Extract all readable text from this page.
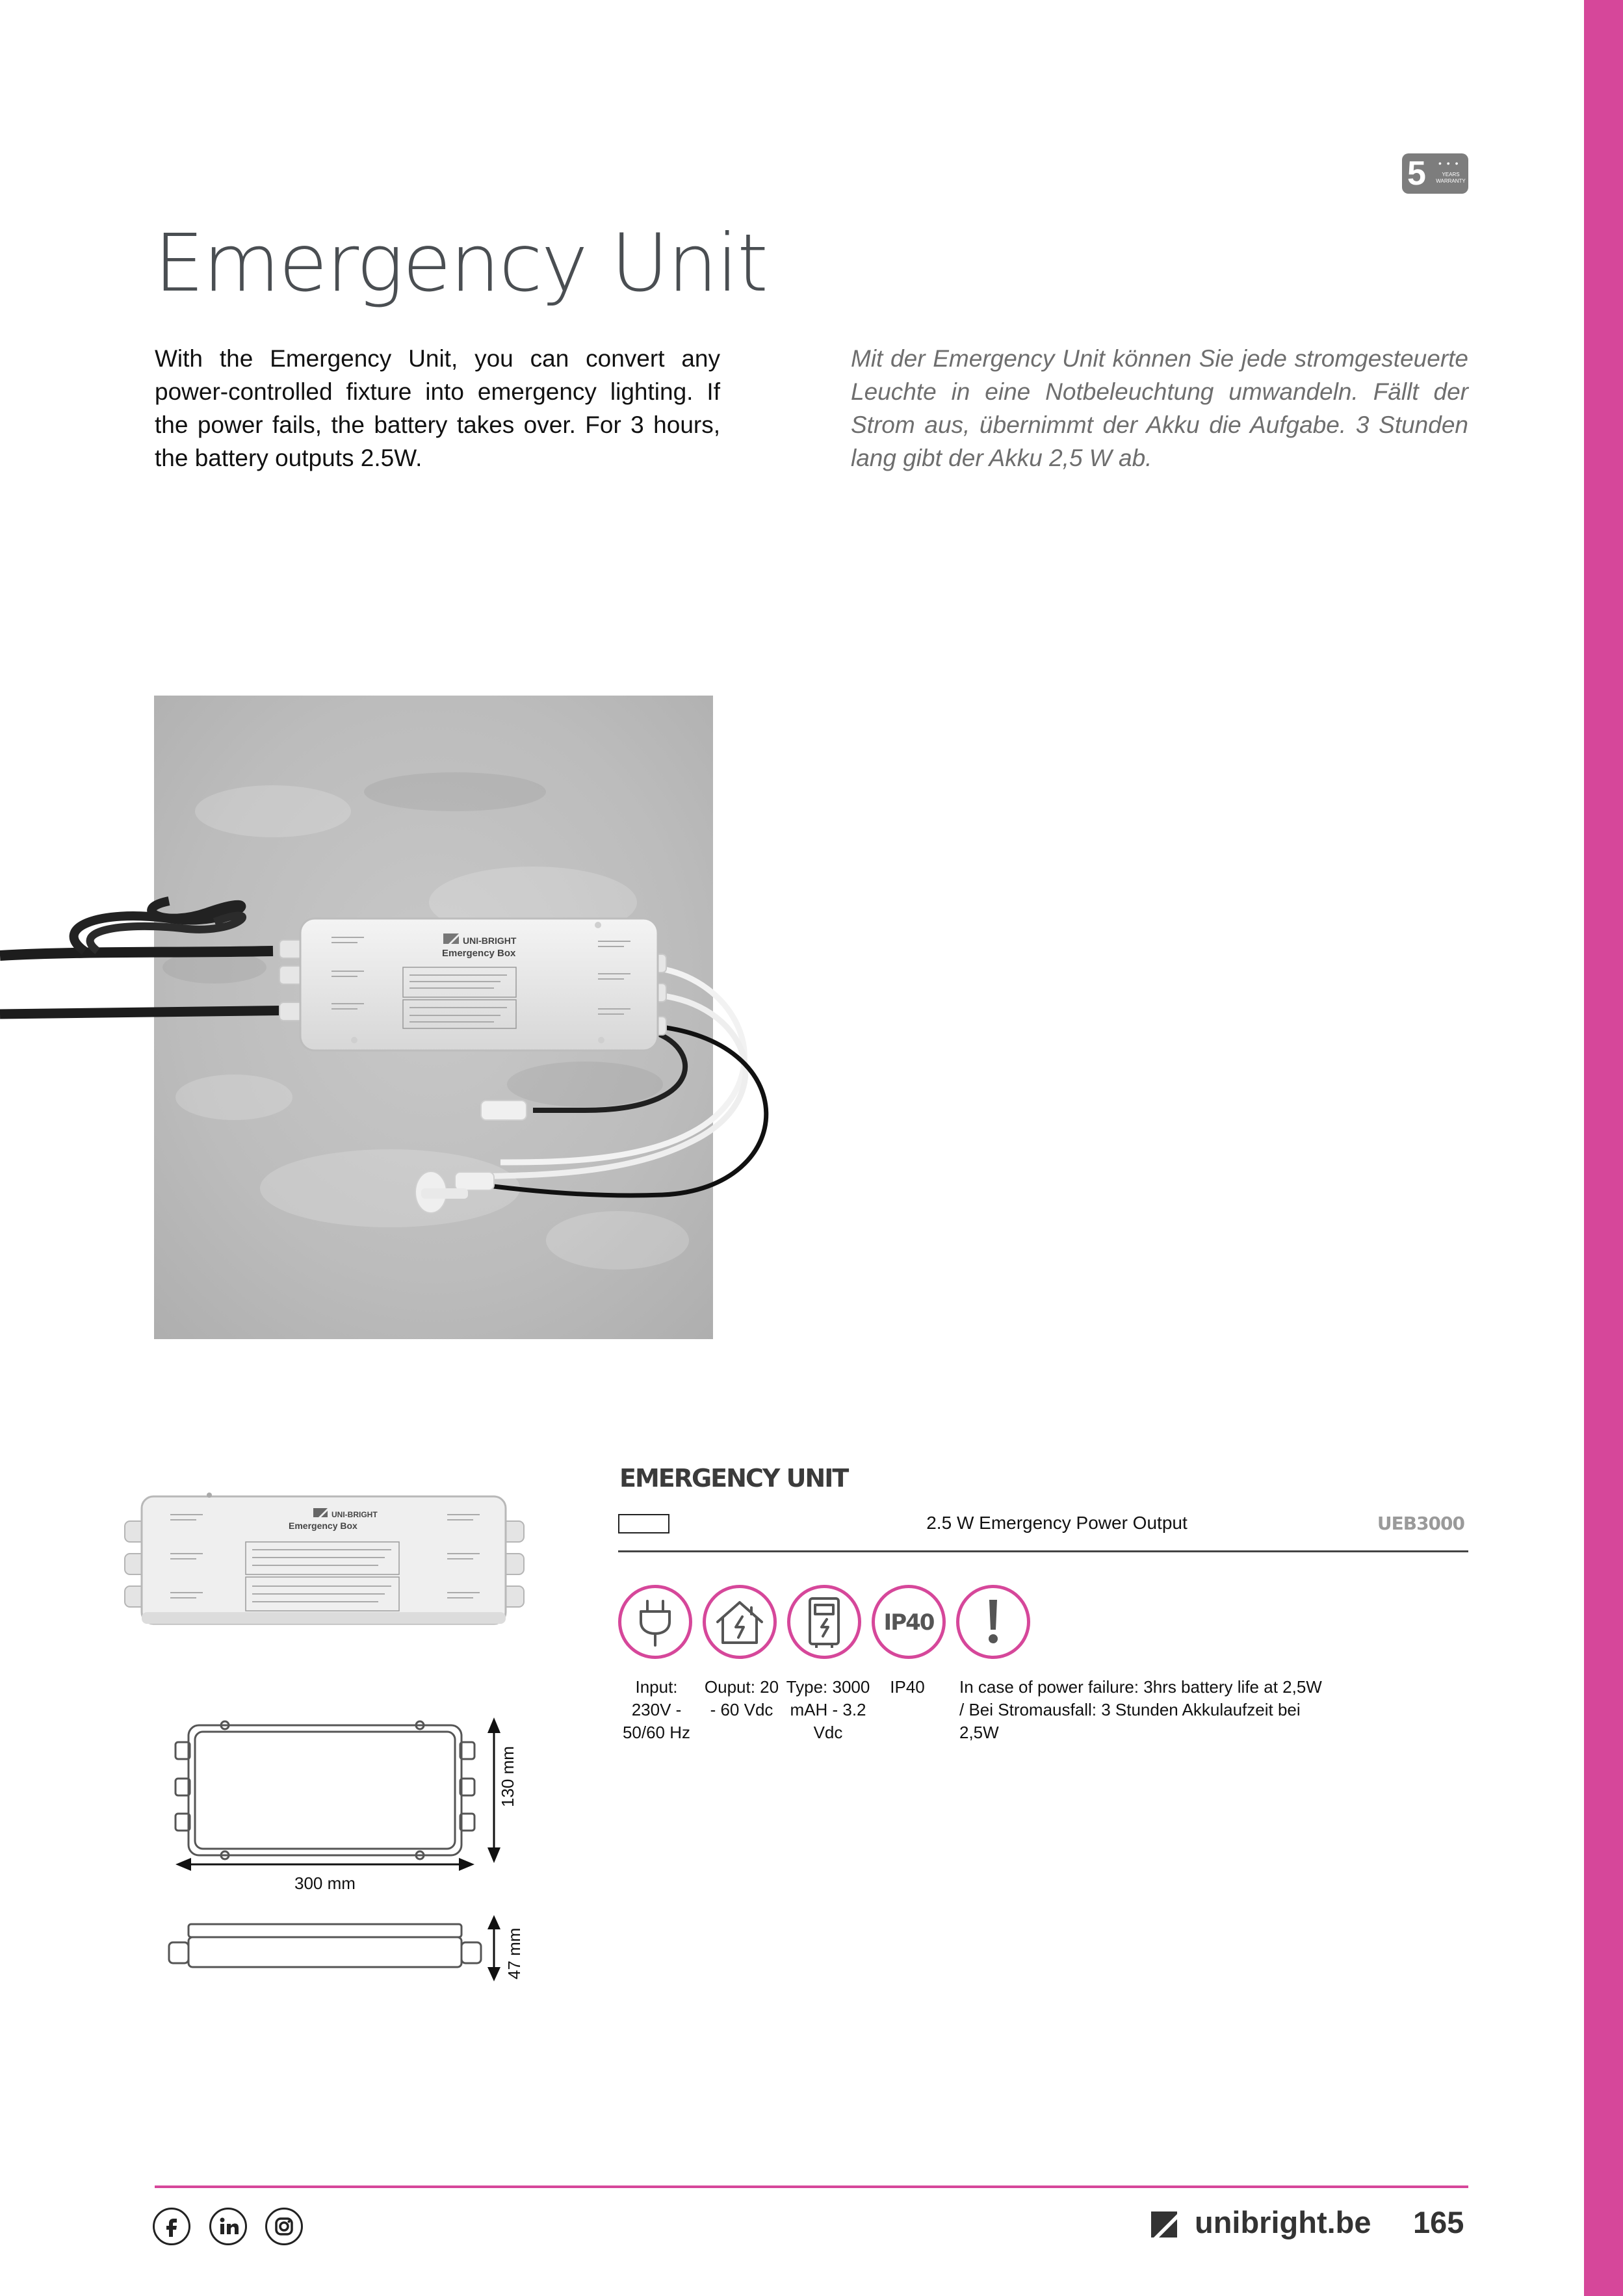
5 • • •
YEARS WARRANTY
Emergency Unit

With the Emergency Unit, you can convert any power-controlled fixture into emergency lighting. If the power fails, the battery takes over. For 3 hours, the battery outputs 2.5W.

Mit der Emergency Unit können Sie jede stromgesteuerte Leuchte in eine Notbeleuchtung umwandeln. Fällt der Strom aus, übernimmt der Akku die Aufgabe. 3 Stunden lang gibt der Akku 2,5 W ab.

UNI-BRIGHT
Emergency Box
UNI-BRIGHT
Emergency Box
300 mm
130 mm
47 mm
EMERGENCY UNIT
2.5 W Emergency Power Output	UEB3000
IP40
Input: 230V - 50/60 Hz
Ouput: 20 - 60 Vdc
Type: 3000 mAH - 3.2 Vdc
IP40	In case of power failure: 3hrs battery life at 2,5W / Bei Stromausfall: 3 Stunden Akkulaufzeit bei 2,5W
unibright.be 165
